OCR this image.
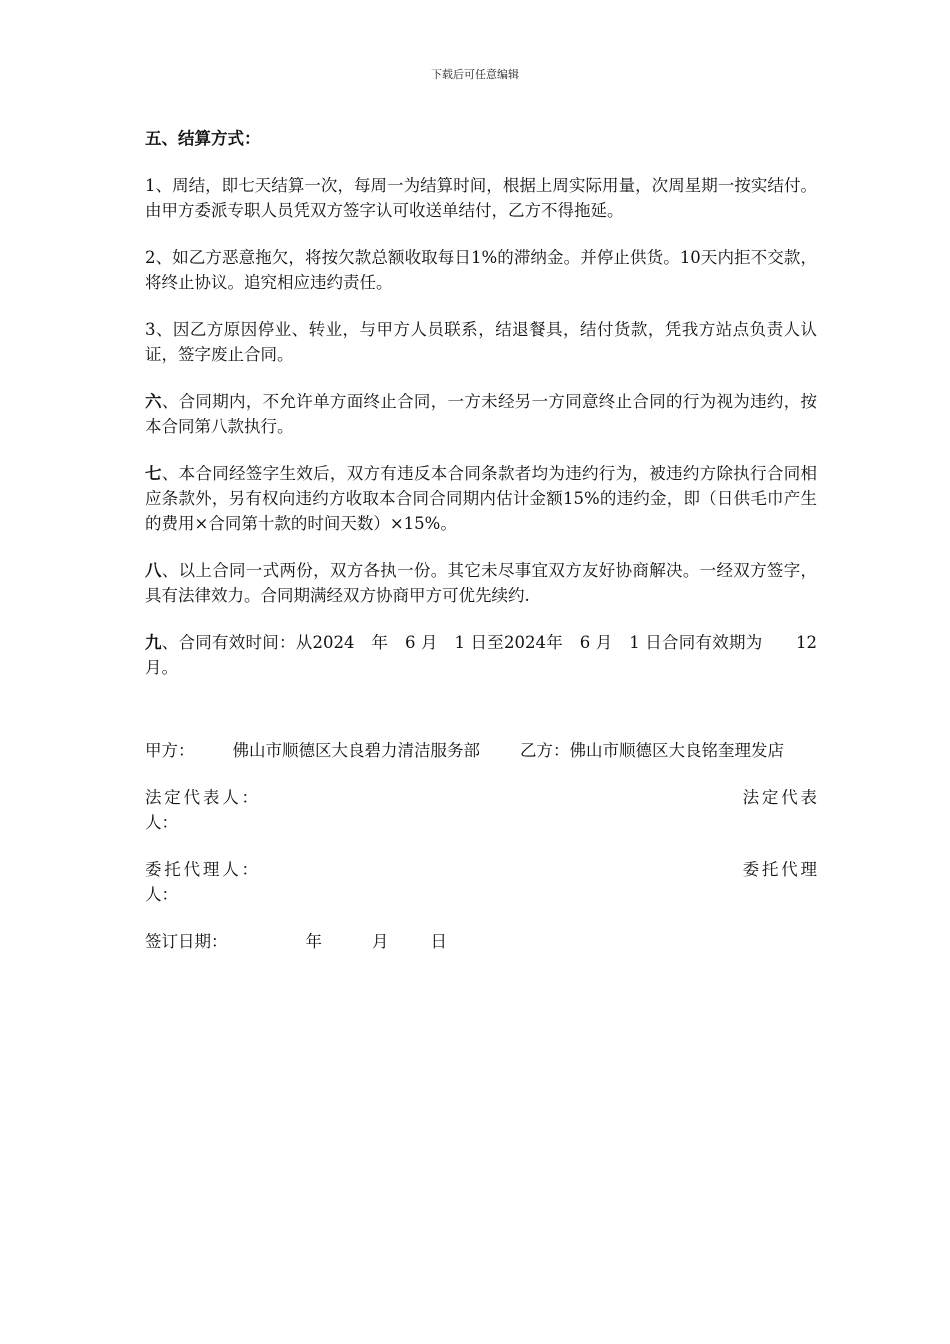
下载后可任意编辑
五、结算方式：

1、周结，即七天结算一次，每周一为结算时间，根据上周实际用量，次周星期一按实结付。由甲方委派专职人员凭双方签字认可收送单结付，乙方不得拖延。

2、如乙方恶意拖欠，将按欠款总额收取每日1%的滞纳金。并停止供货。10天内拒不交款，将终止协议。追究相应违约责任。

3、因乙方原因停业、转业，与甲方人员联系，结退餐具，结付货款，凭我方站点负责人认证，签字废止合同。

六、合同期内，不允许单方面终止合同，一方未经另一方同意终止合同的行为视为违约，按本合同第八款执行。

七、本合同经签字生效后，双方有违反本合同条款者均为违约行为，被违约方除执行合同相应条款外，另有权向违约方收取本合同合同期内估计金额15%的违约金，即（日供毛巾产生的费用×合同第十款的时间天数）×15%。

八、以上合同一式两份，双方各执一份。其它未尽事宜双方友好协商解决。一经双方签字，具有法律效力。合同期满经双方协商甲方可优先续约.

九、合同有效时间：从2024　年　6 月　1 日至2024年　6 月　1 日合同有效期为　　12 月。

甲方： 佛山市顺德区大良碧力清洁服务部 乙方：佛山市顺德区大良铭奎理发店

法定代表人：	法定代表人：

委托代理人：	委托代理人：

签订日期：	年	月	日
